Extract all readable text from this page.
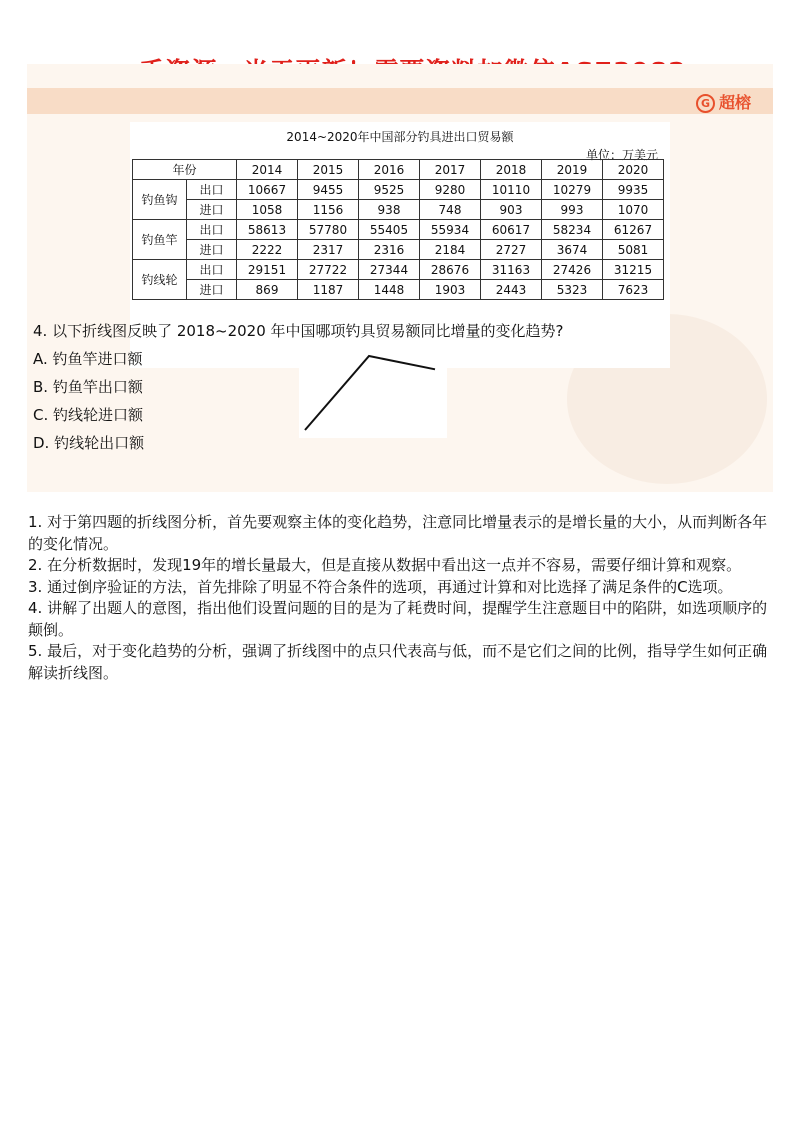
G 超榕
2014~2020年中国部分钓具进出口贸易额
单位：万美元
年份		2014	2015	2016	2017	2018	2019	2020
钓鱼钩	出口	10667	9455	9525	9280	10110	10279	9935
	进口	1058	1156	938	748	903	993	1070
钓鱼竿	出口	58613	57780	55405	55934	60617	58234	61267
	进口	2222	2317	2316	2184	2727	3674	5081
钓线轮	出口	29151	27722	27344	28676	31163	27426	31215
	进口	869	1187	1448	1903	2443	5323	7623
4. 以下折线图反映了 2018~2020 年中国哪项钓具贸易额同比增量的变化趋势?
A. 钓鱼竿进口额
B. 钓鱼竿出口额
C. 钓线轮进口额
D. 钓线轮出口额

1. 对于第四题的折线图分析，首先要观察主体的变化趋势，注意同比增量表示的是增长量的大小，从而判断各年的变化情况。

2. 在分析数据时，发现19年的增长量最大，但是直接从数据中看出这一点并不容易，需要仔细计算和观察。

3. 通过倒序验证的方法，首先排除了明显不符合条件的选项，再通过计算和对比选择了满足条件的C选项。

4. 讲解了出题人的意图，指出他们设置问题的目的是为了耗费时间，提醒学生注意题目中的陷阱，如选项顺序的颠倒。

5. 最后，对于变化趋势的分析，强调了折线图中的点只代表高与低，而不是它们之间的比例，指导学生如何正确解读折线图。
